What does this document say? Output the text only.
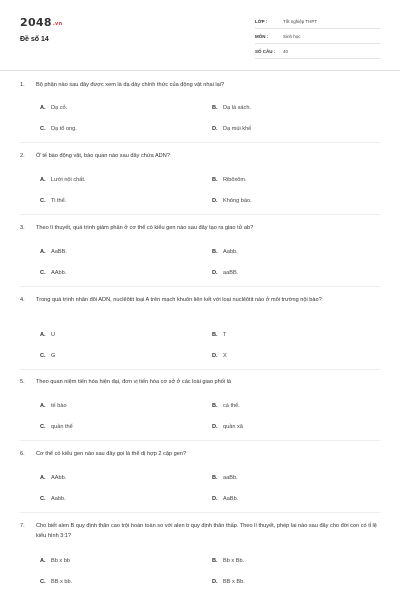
2048.vn
Đề số 14
LỚP :	Tốt nghiệp THPT
MÔN :	Sinh học
SỐ CÂU :	40
1.	Bộ phận nào sau đây được xem là dạ dày chính thức của động vật nhai lại?
A. Dạ cỏ.	B. Dạ lá sách.
C. Dạ tổ ong.	D. Dạ múi khế
2.	Ở tế bào động vật, bào quan nào sau đây chứa ADN?
A. Lưới nội chất.	B. Ribôxôm.
C. Ti thể.	D. Không bào.
3.	Theo lí thuyết, quá trình giảm phân ở cơ thể có kiểu gen nào sau đây tạo ra giao tử ab?
A. AaBB.	B. Aabb.
C. AAbb.	D. aaBB.
4.	Trong quá trình nhân đôi ADN, nuclêôtit loại A trên mạch khuôn liên kết với loại nuclêôtit nào ở môi trường nội bào?
A. U	B. T
C. G	D. X
5.	Theo quan niệm tiến hóa hiện đại, đơn vị tiến hóa cơ sở ở các loài giao phối là
A. tế bào	B. cá thể.
C. quần thể	D. quần xã
6.	Cơ thể có kiểu gen nào sau đây gọi là thể dị hợp 2 cặp gen?
A. AAbb.	B. aaBb.
C. Aabb.	D. AaBb.
7.	Cho biết alen B quy định thân cao trội hoàn toàn so với alen b quy định thân thấp. Theo lí thuyết, phép lai nào sau đây cho đời con có tỉ lệ kiểu hình 3:1?
A. Bb x bb	B. Bb x Bb.
C. BB x bb.	D. BB x Bb.
